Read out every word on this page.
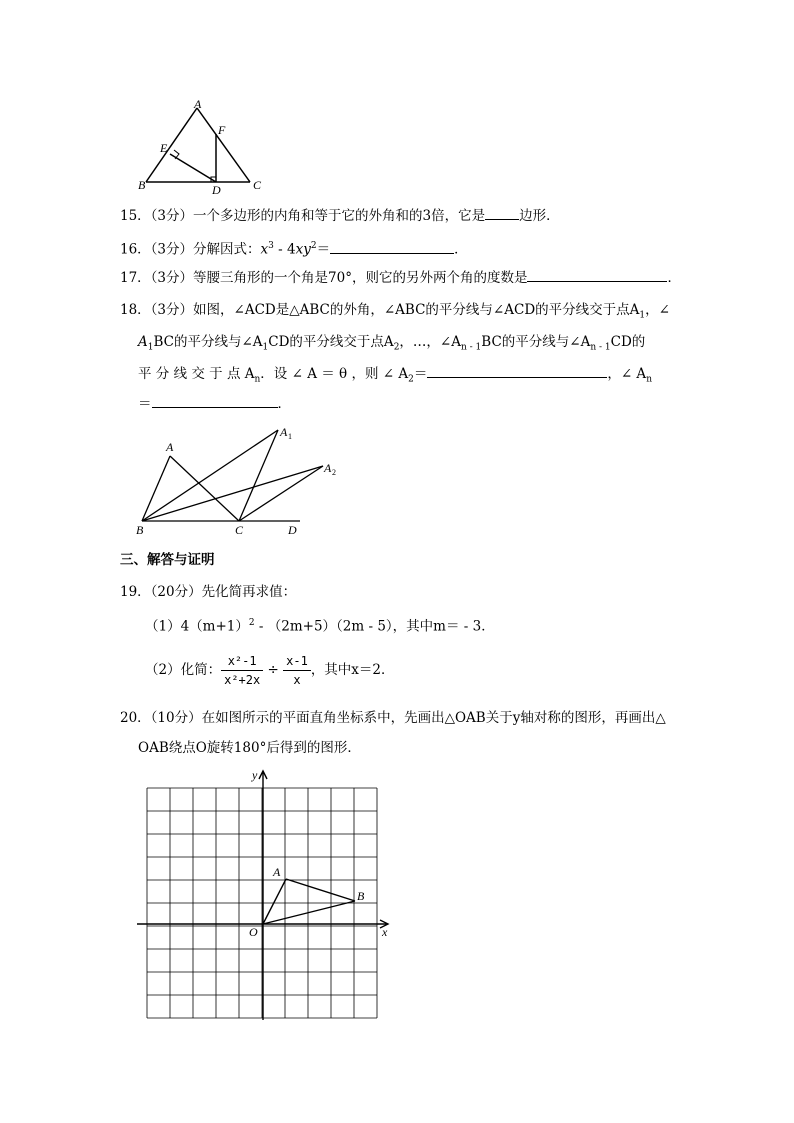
A
F
E
B	D	C
15．（3分）一个多边形的内角和等于它的外角和的3倍，它是	边形．
16．（3分）分解因式：$x^3 - 4xy^2=$	．
17．（3分）等腰三角形的一个角是70°，则它的另外两个角的度数是	．
18．（3分）如图，∠ACD是△ABC的外角，∠ABC的平分线与∠ACD的平分线交于点$A_1$，∠
$A_1BC$的平分线与$\angle A_1CD$的平分线交于点$A_2$，…，$\angle A_{n - 1}BC$的平分线与$\angle A_{n - 1}CD$的
平 分 线 交 于 点 $A_n$．设 ∠ A ＝ θ ，则 ∠ $A_2=$	，∠ $A_n$
＝	．
A
A 1
A 2
B	C	D
三、解答与证明
19．（20分）先化简再求值：
$(1)4(m+1)^2 - (2m+5)(2m - 5)$，其中m＝ - 3．
（2）化简： $\frac{\text{x²-1}}{\text{x²+2x}} \div \frac{x-1}{x}$ ，其中x＝2．
20．（10分）在如图所示的平面直角坐标系中，先画出△OAB关于y轴对称的图形，再画出△
OAB绕点O旋转180°后得到的图形．
y
x
O
A
B
